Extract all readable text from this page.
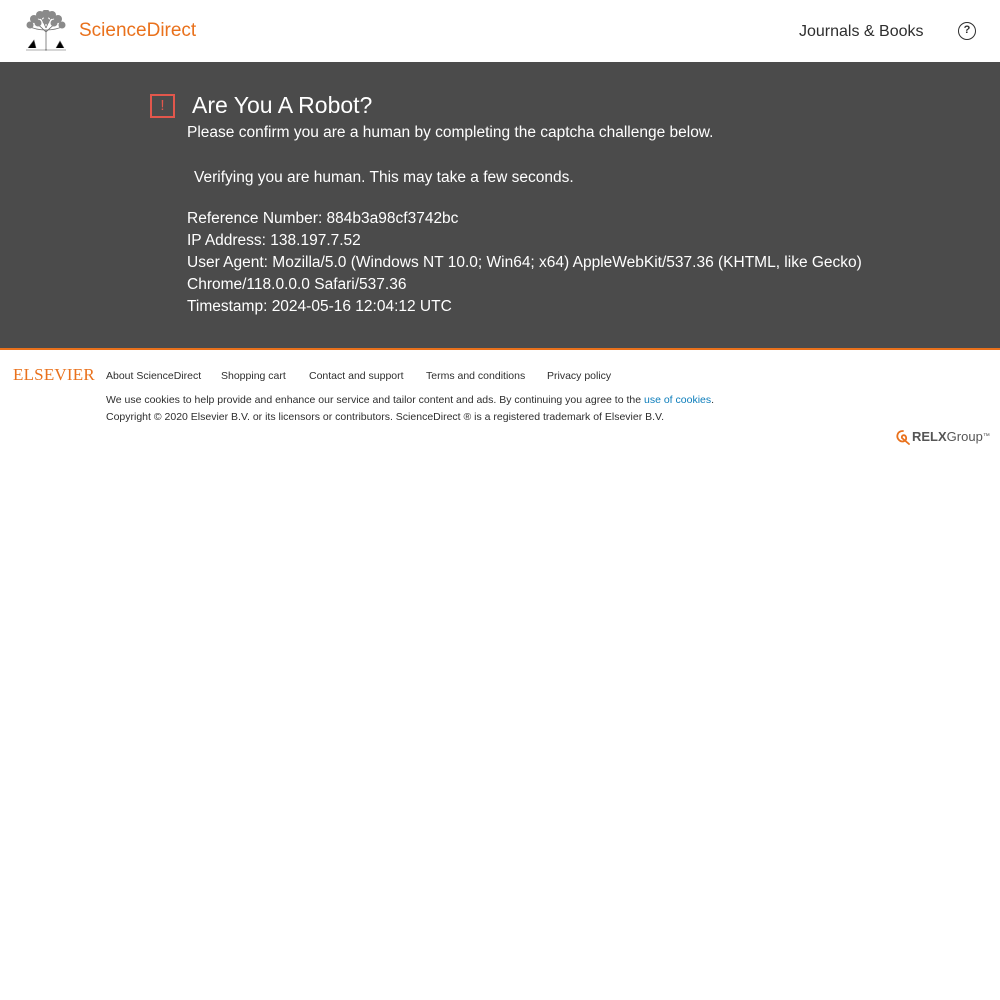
ScienceDirect	Journals & Books	?
!	Are You A Robot?
Please confirm you are a human by completing the captcha challenge below.
Verifying you are human. This may take a few seconds.
Reference Number: 884b3a98cf3742bc
IP Address: 138.197.7.52
User Agent: Mozilla/5.0 (Windows NT 10.0; Win64; x64) AppleWebKit/537.36 (KHTML, like Gecko)
Chrome/118.0.0.0 Safari/537.36
Timestamp: 2024-05-16 12:04:12 UTC
ELSEVIER About ScienceDirect Shopping cart Contact and support Terms and conditions Privacy policy
We use cookies to help provide and enhance our service and tailor content and ads. By continuing you agree to the use of cookies.
Copyright © 2020 Elsevier B.V. or its licensors or contributors. ScienceDirect ® is a registered trademark of Elsevier B.V.
RELXGroup™
